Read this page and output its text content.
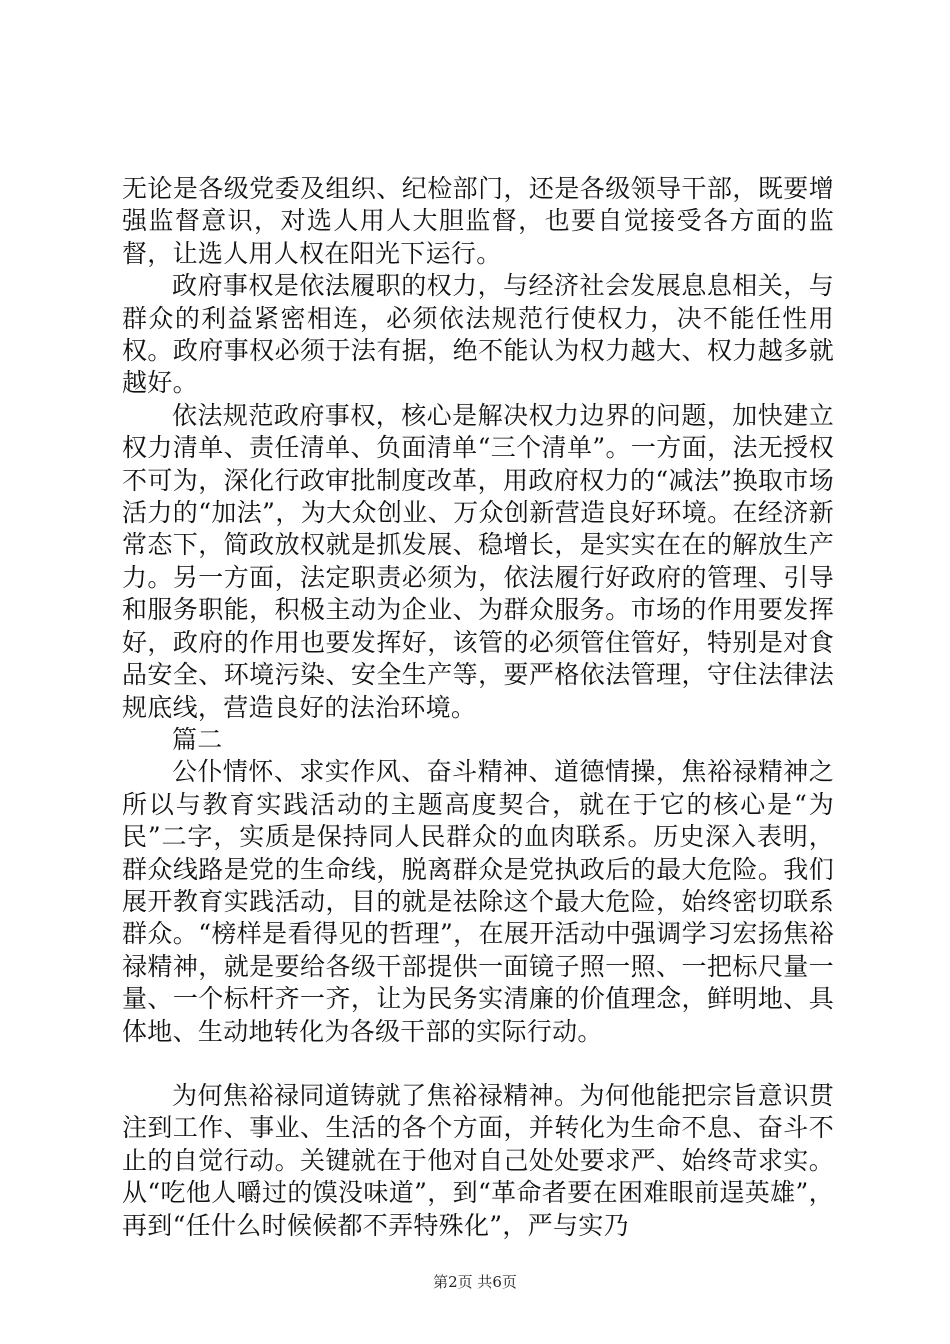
无论是各级党委及组织、纪检部门，还是各级领导干部，既要增强监督意识，对选人用人大胆监督，也要自觉接受各方面的监督，让选人用人权在阳光下运行。

政府事权是依法履职的权力，与经济社会发展息息相关，与群众的利益紧密相连，必须依法规范行使权力，决不能任性用权。政府事权必须于法有据，绝不能认为权力越大、权力越多就越好。

依法规范政府事权，核心是解决权力边界的问题，加快建立权力清单、责任清单、负面清单“三个清单”。一方面，法无授权不可为，深化行政审批制度改革，用政府权力的“减法”换取市场活力的“加法”，为大众创业、万众创新营造良好环境。在经济新常态下，简政放权就是抓发展、稳增长，是实实在在的解放生产力。另一方面，法定职责必须为，依法履行好政府的管理、引导和服务职能，积极主动为企业、为群众服务。市场的作用要发挥好，政府的作用也要发挥好，该管的必须管住管好，特别是对食品安全、环境污染、安全生产等，要严格依法管理，守住法律法规底线，营造良好的法治环境。

篇二

公仆情怀、求实作风、奋斗精神、道德情操，焦裕禄精神之所以与教育实践活动的主题高度契合，就在于它的核心是“为民”二字，实质是保持同人民群众的血肉联系。历史深入表明，群众线路是党的生命线，脱离群众是党执政后的最大危险。我们展开教育实践活动，目的就是祛除这个最大危险，始终密切联系群众。“榜样是看得见的哲理”，在展开活动中强调学习宏扬焦裕禄精神，就是要给各级干部提供一面镜子照一照、一把标尺量一量、一个标杆齐一齐，让为民务实清廉的价值理念，鲜明地、具体地、生动地转化为各级干部的实际行动。

为何焦裕禄同道铸就了焦裕禄精神。为何他能把宗旨意识贯注到工作、事业、生活的各个方面，并转化为生命不息、奋斗不止的自觉行动。关键就在于他对自己处处要求严、始终苛求实。从“吃他人嚼过的馍没味道”，到“革命者要在困难眼前逞英雄”，再到“任什么时候候都不弄特殊化”，严与实乃

第2页 共6页
